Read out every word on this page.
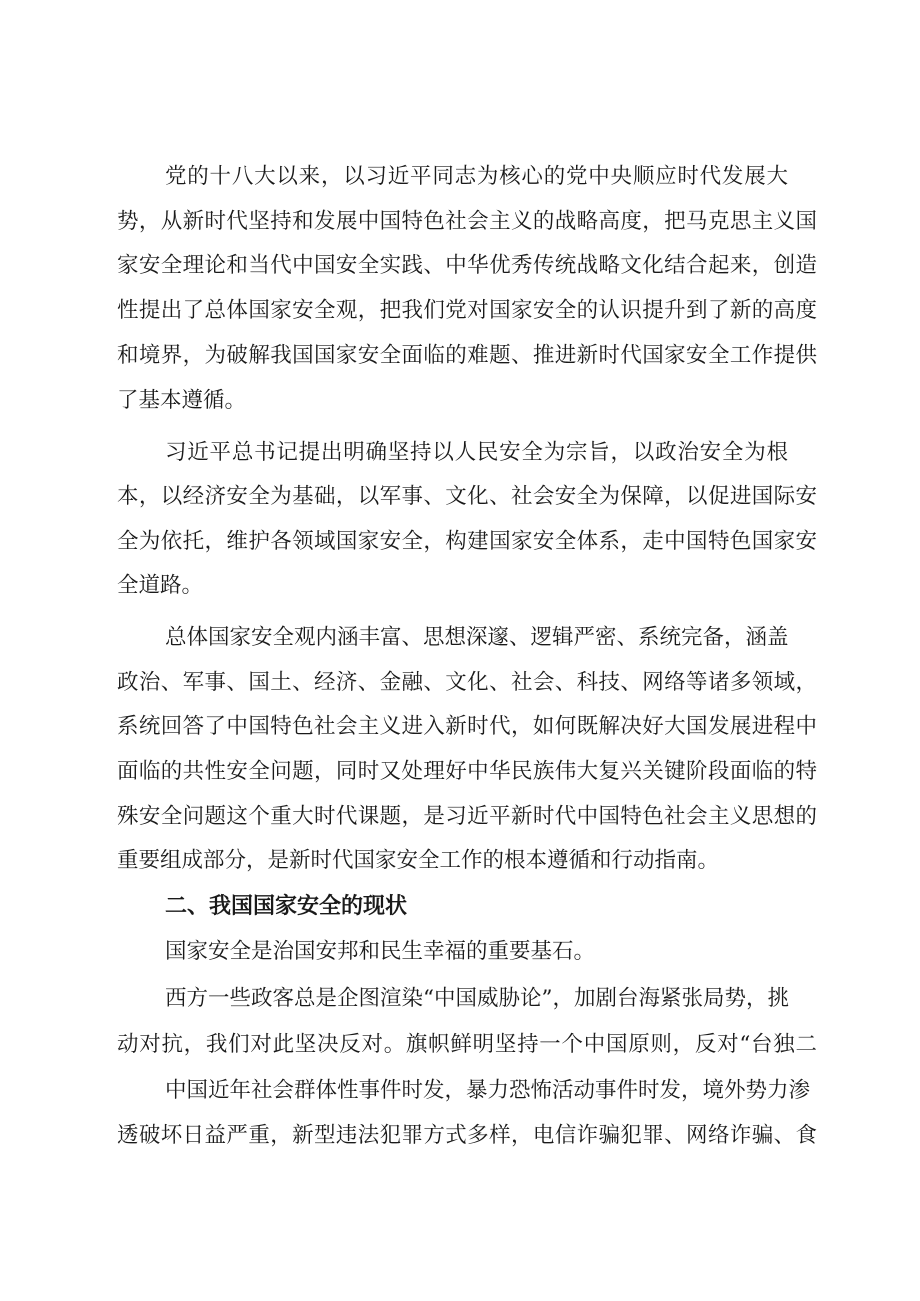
党的十八大以来，以习近平同志为核心的党中央顺应时代发展大
势，从新时代坚持和发展中国特色社会主义的战略高度，把马克思主义国
家安全理论和当代中国安全实践、中华优秀传统战略文化结合起来，创造
性提出了总体国家安全观，把我们党对国家安全的认识提升到了新的高度
和境界，为破解我国国家安全面临的难题、推进新时代国家安全工作提供
了基本遵循。
习近平总书记提出明确坚持以人民安全为宗旨，以政治安全为根
本，以经济安全为基础，以军事、文化、社会安全为保障，以促进国际安
全为依托，维护各领域国家安全，构建国家安全体系，走中国特色国家安
全道路。
总体国家安全观内涵丰富、思想深邃、逻辑严密、系统完备，涵盖
政治、军事、国土、经济、金融、文化、社会、科技、网络等诸多领域，
系统回答了中国特色社会主义进入新时代，如何既解决好大国发展进程中
面临的共性安全问题，同时又处理好中华民族伟大复兴关键阶段面临的特
殊安全问题这个重大时代课题，是习近平新时代中国特色社会主义思想的
重要组成部分，是新时代国家安全工作的根本遵循和行动指南。
二、我国国家安全的现状
国家安全是治国安邦和民生幸福的重要基石。
西方一些政客总是企图渲染“中国威胁论”，加剧台海紧张局势，挑
动对抗，我们对此坚决反对。旗帜鲜明坚持一个中国原则，反对“台独二
中国近年社会群体性事件时发，暴力恐怖活动事件时发，境外势力渗
透破坏日益严重，新型违法犯罪方式多样，电信诈骗犯罪、网络诈骗、食
